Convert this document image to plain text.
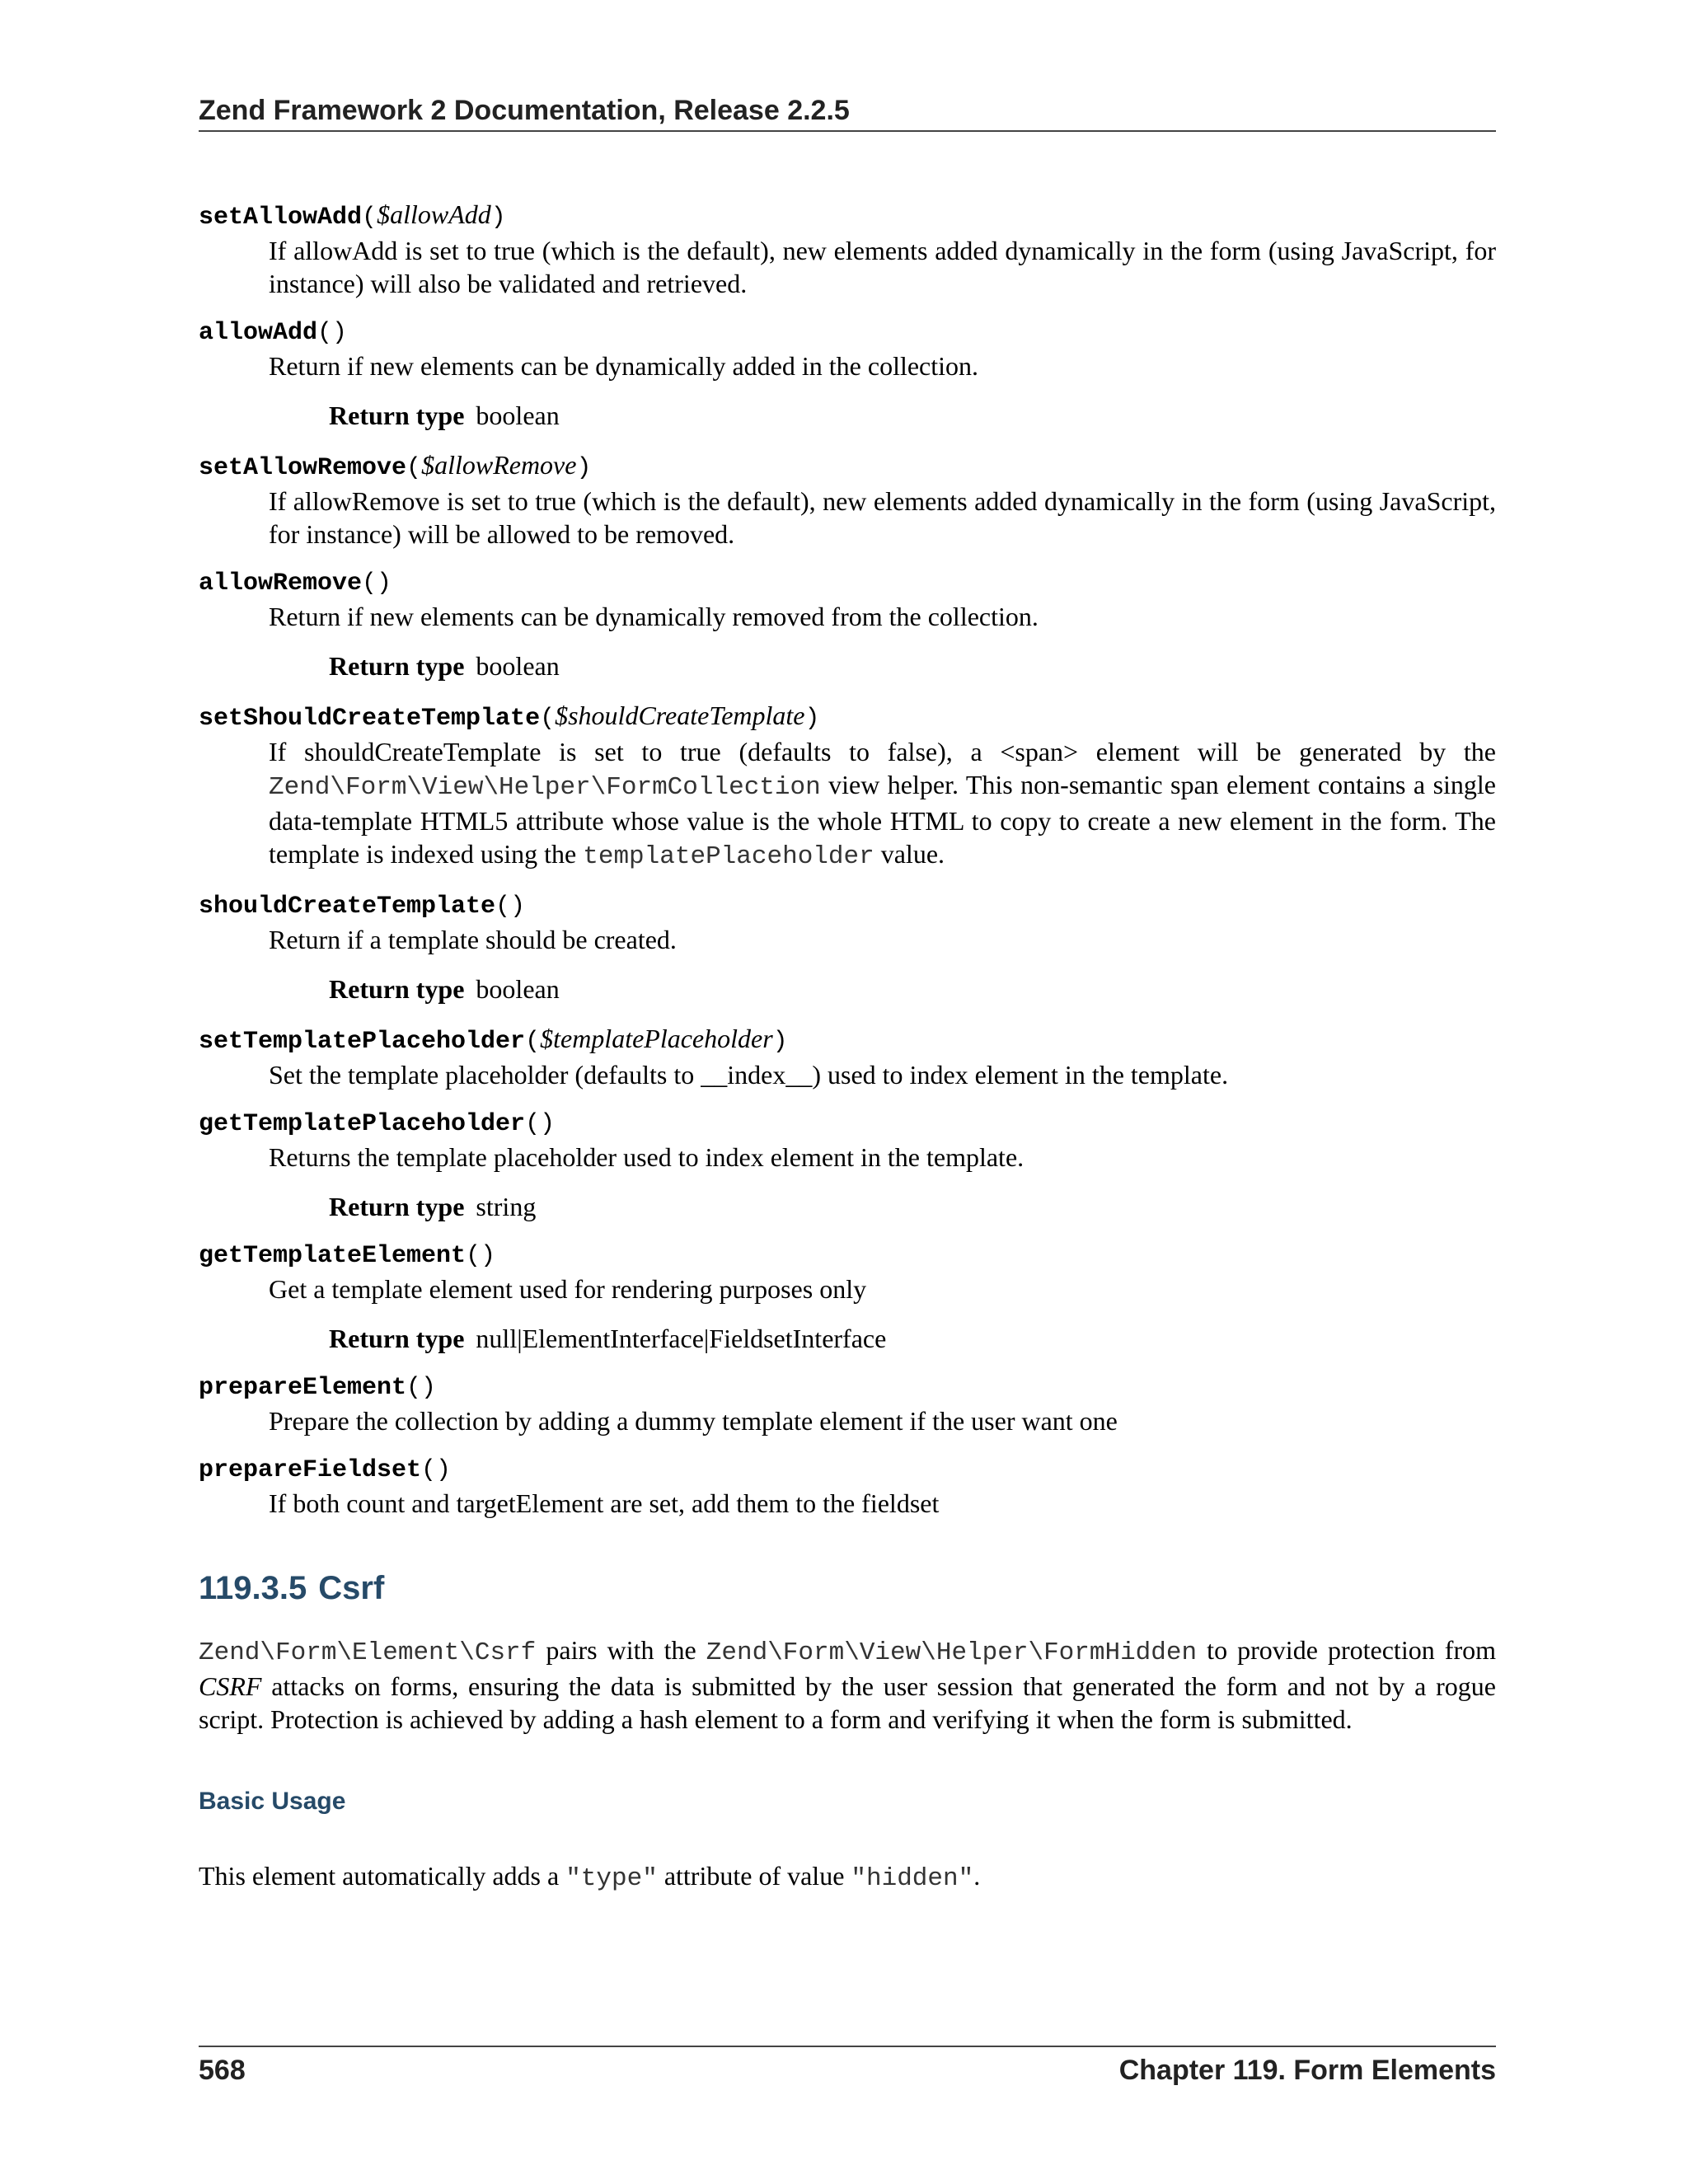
Zend Framework 2 Documentation, Release 2.2.5
setAllowAdd($allowAdd)
If allowAdd is set to true (which is the default), new elements added dynamically in the form (using JavaScript, for instance) will also be validated and retrieved.
allowAdd()
Return if new elements can be dynamically added in the collection.
Return type boolean
setAllowRemove($allowRemove)
If allowRemove is set to true (which is the default), new elements added dynamically in the form (using JavaScript, for instance) will be allowed to be removed.
allowRemove()
Return if new elements can be dynamically removed from the collection.
Return type boolean
setShouldCreateTemplate($shouldCreateTemplate)
If shouldCreateTemplate is set to true (defaults to false), a <span> element will be generated by the Zend\Form\View\Helper\FormCollection view helper. This non-semantic span element contains a single data-template HTML5 attribute whose value is the whole HTML to copy to create a new element in the form. The template is indexed using the templatePlaceholder value.
shouldCreateTemplate()
Return if a template should be created.
Return type boolean
setTemplatePlaceholder($templatePlaceholder)
Set the template placeholder (defaults to __index__) used to index element in the template.
getTemplatePlaceholder()
Returns the template placeholder used to index element in the template.
Return type string
getTemplateElement()
Get a template element used for rendering purposes only
Return type null|ElementInterface|FieldsetInterface
prepareElement()
Prepare the collection by adding a dummy template element if the user want one
prepareFieldset()
If both count and targetElement are set, add them to the fieldset
119.3.5 Csrf
Zend\Form\Element\Csrf pairs with the Zend\Form\View\Helper\FormHidden to provide protection from CSRF attacks on forms, ensuring the data is submitted by the user session that generated the form and not by a rogue script. Protection is achieved by adding a hash element to a form and verifying it when the form is submitted.
Basic Usage
This element automatically adds a "type" attribute of value "hidden".
568	Chapter 119. Form Elements
